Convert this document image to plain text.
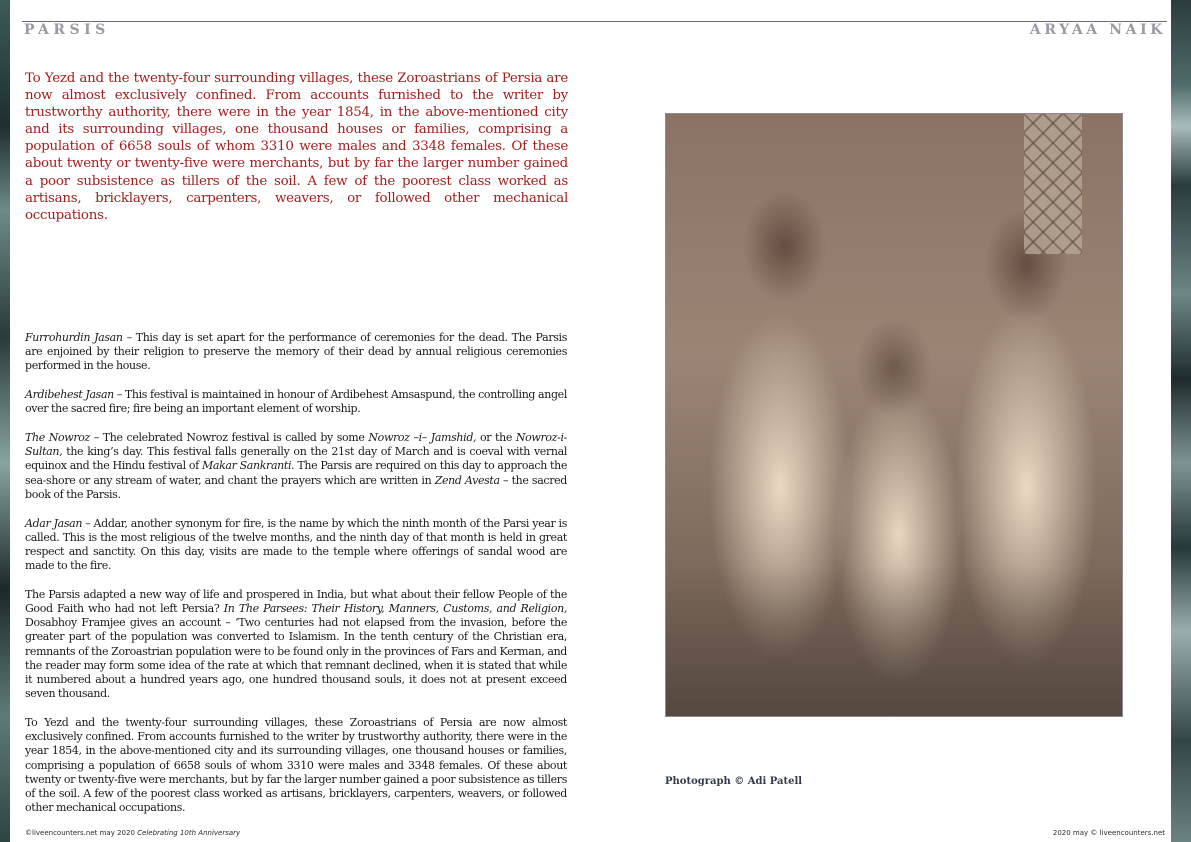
PARSIS	ARYAA NAIK

To Yezd and the twenty-four surrounding villages, these Zoroastrians of Persia are now almost exclusively confined. From accounts furnished to the writer by trustworthy authority, there were in the year 1854, in the above-mentioned city and its surrounding villages, one thousand houses or families, comprising a population of 6658 souls of whom 3310 were males and 3348 females. Of these about twenty or twenty-five were merchants, but by far the larger number gained a poor subsistence as tillers of the soil. A few of the poorest class worked as artisans, bricklayers, carpenters, weavers, or followed other mechanical occupations.

Furrohurdin Jasan – This day is set apart for the performance of ceremonies for the dead. The Parsis are enjoined by their religion to preserve the memory of their dead by annual religious ceremonies performed in the house.

Ardibehest Jasan – This festival is maintained in honour of Ardibehest Amsaspund, the controlling angel over the sacred fire; fire being an important element of worship.

The Nowroz – The celebrated Nowroz festival is called by some Nowroz –i– Jamshid, or the Nowroz-i-Sultan, the king’s day. This festival falls generally on the 21st day of March and is coeval with vernal equinox and the Hindu festival of Makar Sankranti. The Parsis are required on this day to approach the sea-shore or any stream of water, and chant the prayers which are written in Zend Avesta – the sacred book of the Parsis.

Adar Jasan – Addar, another synonym for fire, is the name by which the ninth month of the Parsi year is called. This is the most religious of the twelve months, and the ninth day of that month is held in great respect and sanctity. On this day, visits are made to the temple where offerings of sandal wood are made to the fire.

The Parsis adapted a new way of life and prospered in India, but what about their fellow People of the Good Faith who had not left Persia? In The Parsees: Their History, Manners, Customs, and Religion, Dosabhoy Framjee gives an account – ‘Two centuries had not elapsed from the invasion, before the greater part of the population was converted to Islamism. In the tenth century of the Christian era, remnants of the Zoroastrian population were to be found only in the provinces of Fars and Kerman, and the reader may form some idea of the rate at which that remnant declined, when it is stated that while it numbered about a hundred years ago, one hundred thousand souls, it does not at present exceed seven thousand.

To Yezd and the twenty-four surrounding villages, these Zoroastrians of Persia are now almost exclusively confined. From accounts furnished to the writer by trustworthy authority, there were in the year 1854, in the above-mentioned city and its surrounding villages, one thousand houses or families, comprising a population of 6658 souls of whom 3310 were males and 3348 females. Of these about twenty or twenty-five were merchants, but by far the larger number gained a poor subsistence as tillers of the soil. A few of the poorest class worked as artisans, bricklayers, carpenters, weavers, or followed other mechanical occupations.

Photograph © Adi Patell
©liveencounters.net may 2020 Celebrating 10th Anniversary	2020 may © liveencounters.net
